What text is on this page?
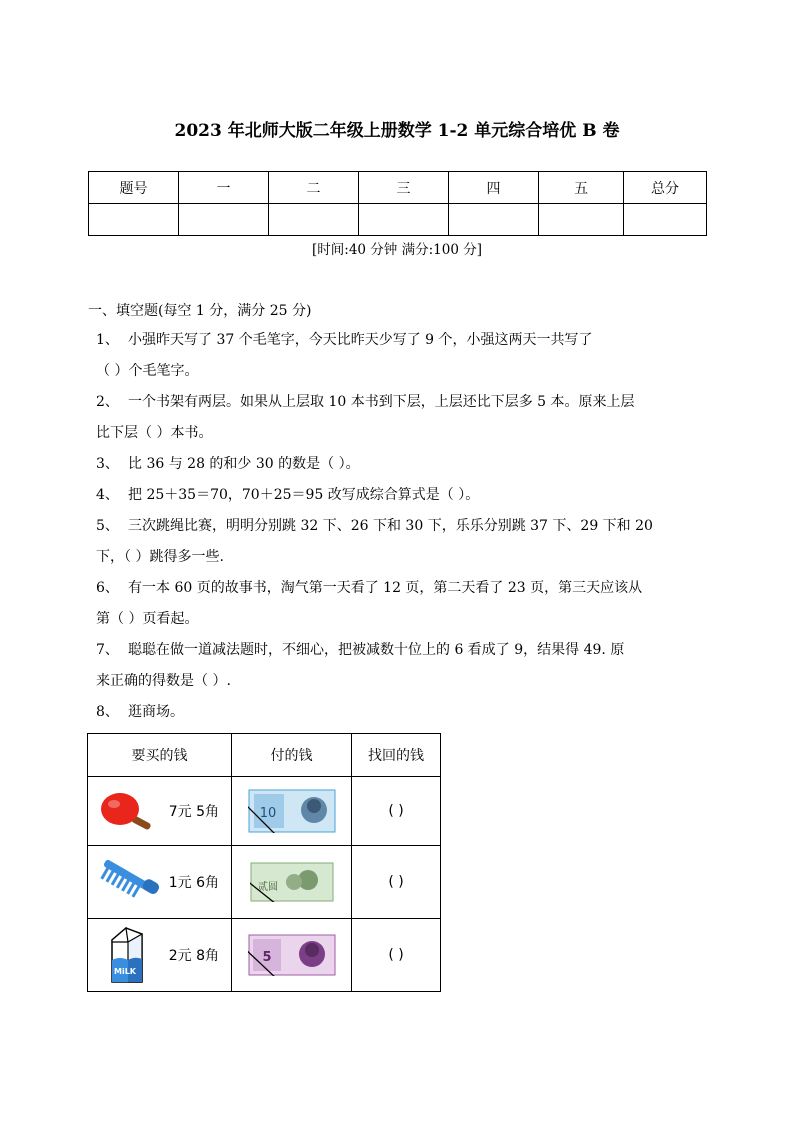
2023 年北师大版二年级上册数学 1-2 单元综合培优 B 卷
题号	一	二	三	四	五	总分

[时间:40 分钟 满分:100 分]
一、填空题(每空 1 分，满分 25 分)

1、 小强昨天写了 37 个毛笔字，今天比昨天少写了 9 个，小强这两天一共写了
（ ）个毛笔字。

2、 一个书架有两层。如果从上层取 10 本书到下层，上层还比下层多 5 本。原来上层
比下层（ ）本书。

3、 比 36 与 28 的和少 30 的数是（ ）。

4、 把 25＋35＝70，70＋25＝95 改写成综合算式是（ ）。

5、 三次跳绳比赛，明明分别跳 32 下、26 下和 30 下，乐乐分别跳 37 下、29 下和 20
下，（ ）跳得多一些.

6、 有一本 60 页的故事书，淘气第一天看了 12 页，第二天看了 23 页，第三天应该从
第（ ）页看起。

7、 聪聪在做一道减法题时，不细心，把被减数十位上的 6 看成了 9，结果得 49. 原
来正确的得数是（ ）.

8、 逛商场。

要买的钱	付的钱	找回的钱

7元 5角	10	( )

1元 6角	贰圆	( )

MiLK
2元 8角	5	( )
